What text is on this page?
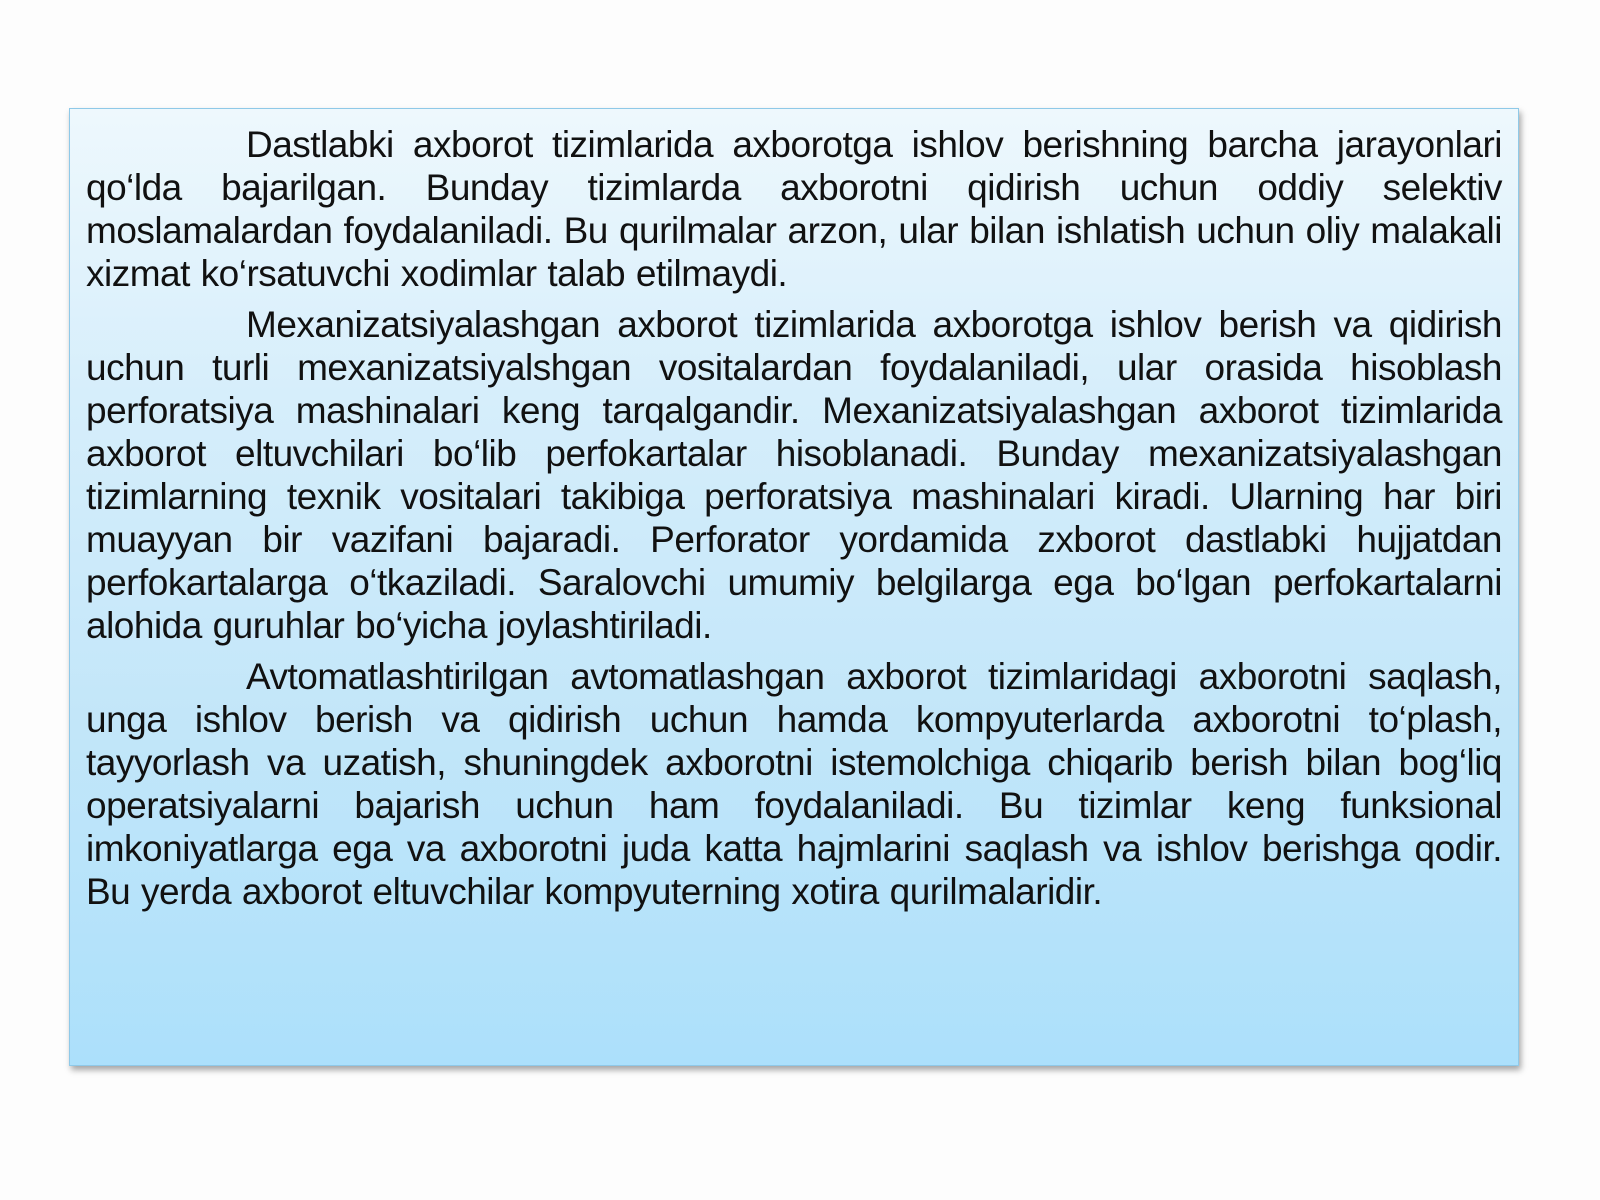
Dastlabki axborot tizimlarida axborotga ishlov berishning barcha jarayonlari qo‘lda bajarilgan. Bunday tizimlarda axborotni qidirish uchun oddiy selektiv moslamalardan foydalaniladi. Bu qurilmalar arzon, ular bilan ishlatish uchun oliy malakali xizmat ko‘rsatuvchi xodimlar talab etilmaydi.

Mexanizatsiyalashgan axborot tizimlarida axborotga ishlov berish va qidirish uchun turli mexanizatsiyalshgan vositalardan foydalaniladi, ular orasida hisoblash perforatsiya mashinalari keng tarqalgandir. Mexanizatsiyalashgan axborot tizimlarida axborot eltuvchilari bo‘lib perfokartalar hisoblanadi. Bunday mexanizatsiyalashgan tizimlarning texnik vositalari takibiga perforatsiya mashinalari kiradi. Ularning har biri muayyan bir vazifani bajaradi. Perforator yordamida zxborot dastlabki hujjatdan perfokartalarga o‘tkaziladi. Saralovchi umumiy belgilarga ega bo‘lgan perfokartalarni alohida guruhlar bo‘yicha joylashtiriladi.

Avtomatlashtirilgan avtomatlashgan axborot tizimlaridagi axborotni saqlash, unga ishlov berish va qidirish uchun hamda kompyuterlarda axborotni to‘plash, tayyorlash va uzatish, shuningdek axborotni istemolchiga chiqarib berish bilan bog‘liq operatsiyalarni bajarish uchun ham foydalaniladi. Bu tizimlar keng funksional imkoniyatlarga ega va axborotni juda katta hajmlarini saqlash va ishlov berishga qodir. Bu yerda axborot eltuvchilar kompyuterning xotira qurilmalaridir.
